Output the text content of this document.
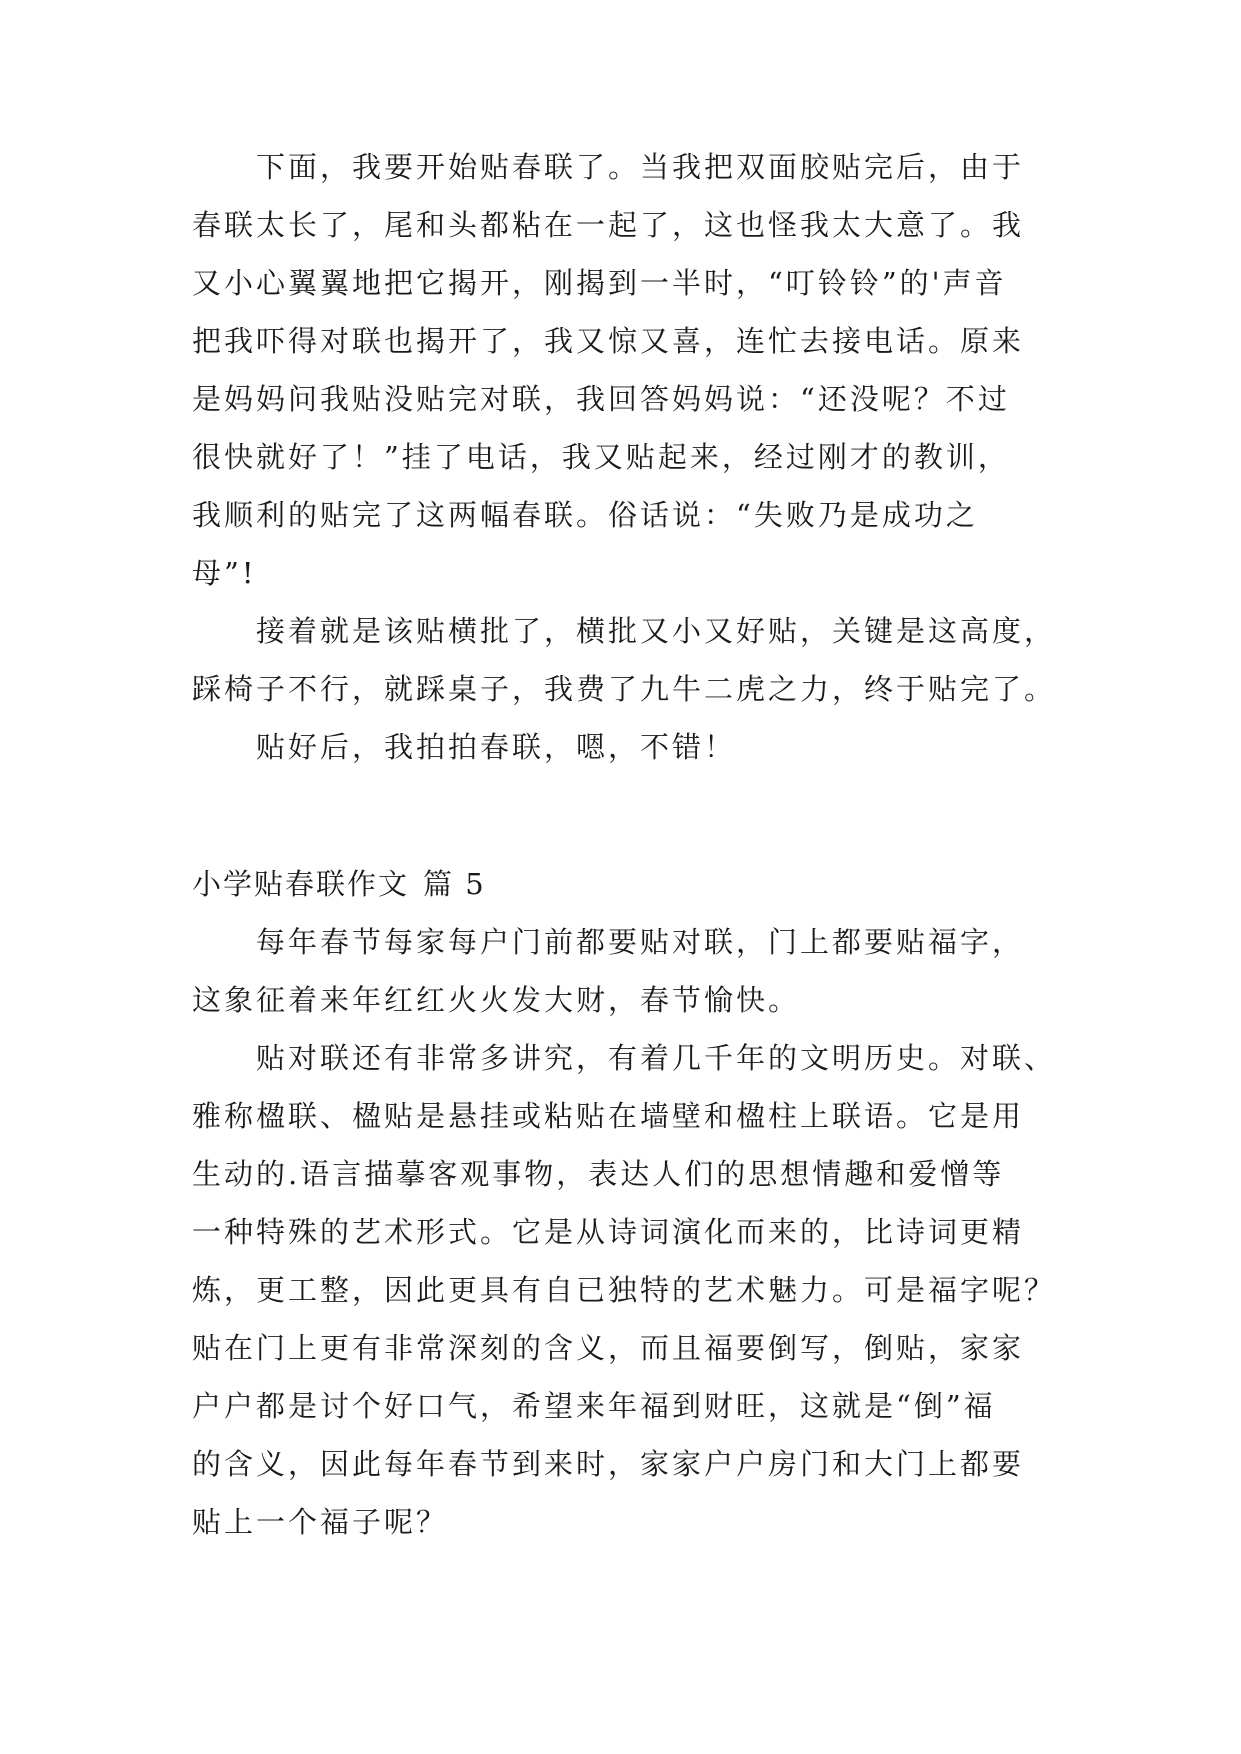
　　下面，我要开始贴春联了。当我把双面胶贴完后，由于
春联太长了，尾和头都粘在一起了，这也怪我太大意了。我
又小心翼翼地把它揭开，刚揭到一半时，“叮铃铃”的'声音
把我吓得对联也揭开了，我又惊又喜，连忙去接电话。原来
是妈妈问我贴没贴完对联，我回答妈妈说：“还没呢？不过
很快就好了！”挂了电话，我又贴起来，经过刚才的教训，
我顺利的贴完了这两幅春联。俗话说：“失败乃是成功之
母”!
　　接着就是该贴横批了，横批又小又好贴，关键是这高度，
踩椅子不行，就踩桌子，我费了九牛二虎之力，终于贴完了。
　　贴好后，我拍拍春联，嗯，不错！
小学贴春联作文 篇 5
　　每年春节每家每户门前都要贴对联，门上都要贴福字，
这象征着来年红红火火发大财，春节愉快。
　　贴对联还有非常多讲究，有着几千年的文明历史。对联、
雅称楹联、楹贴是悬挂或粘贴在墙壁和楹柱上联语。它是用
生动的.语言描摹客观事物，表达人们的思想情趣和爱憎等
一种特殊的艺术形式。它是从诗词演化而来的，比诗词更精
炼，更工整，因此更具有自已独特的艺术魅力。可是福字呢？
贴在门上更有非常深刻的含义，而且福要倒写，倒贴，家家
户户都是讨个好口气，希望来年福到财旺，这就是“倒”福
的含义，因此每年春节到来时，家家户户房门和大门上都要
贴上一个福子呢？
